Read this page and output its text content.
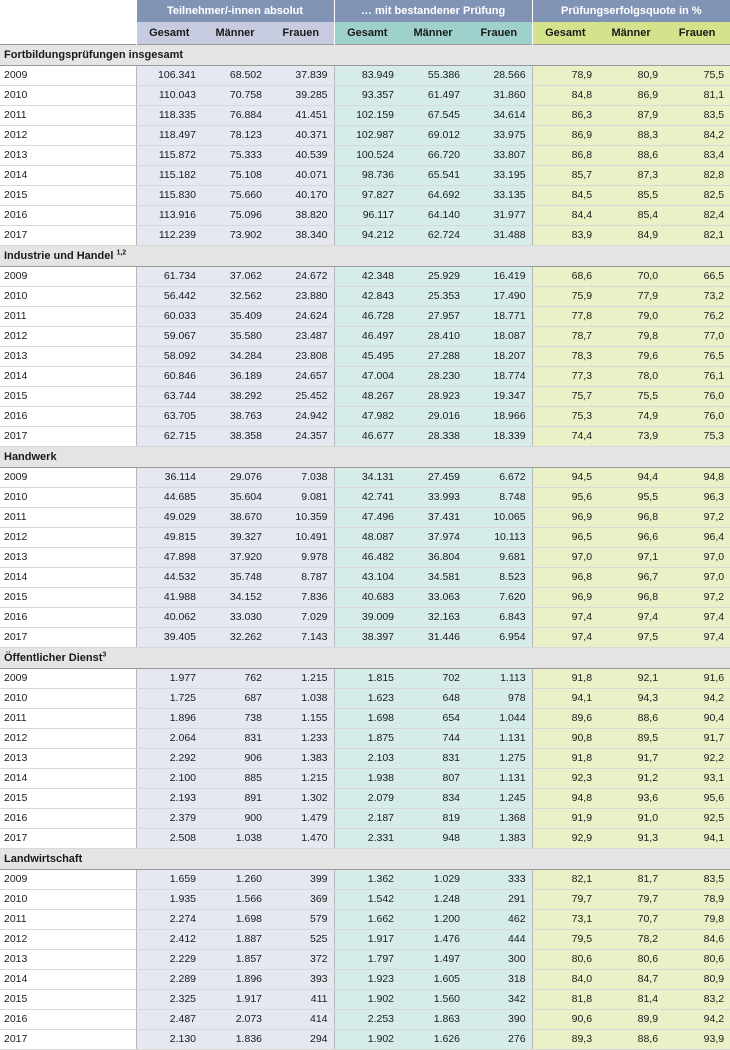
	Teilnehmer/-innen absolut			… mit bestandener Prüfung			Prüfungserfolgsquote in %		
	Gesamt	Männer	Frauen	Gesamt	Männer	Frauen	Gesamt	Männer	Frauen
Fortbildungsprüfungen insgesamt									
2009	106.341	68.502	37.839	83.949	55.386	28.566	78,9	80,9	75,5
2010	110.043	70.758	39.285	93.357	61.497	31.860	84,8	86,9	81,1
2011	118.335	76.884	41.451	102.159	67.545	34.614	86,3	87,9	83,5
2012	118.497	78.123	40.371	102.987	69.012	33.975	86,9	88,3	84,2
2013	115.872	75.333	40.539	100.524	66.720	33.807	86,8	88,6	83,4
2014	115.182	75.108	40.071	98.736	65.541	33.195	85,7	87,3	82,8
2015	115.830	75.660	40.170	97.827	64.692	33.135	84,5	85,5	82,5
2016	113.916	75.096	38.820	96.117	64.140	31.977	84,4	85,4	82,4
2017	112.239	73.902	38.340	94.212	62.724	31.488	83,9	84,9	82,1
Industrie und Handel $^{1,2}$
2009	61.734	37.062	24.672	42.348	25.929	16.419	68,6	70,0	66,5
2010	56.442	32.562	23.880	42.843	25.353	17.490	75,9	77,9	73,2
2011	60.033	35.409	24.624	46.728	27.957	18.771	77,8	79,0	76,2
2012	59.067	35.580	23.487	46.497	28.410	18.087	78,7	79,8	77,0
2013	58.092	34.284	23.808	45.495	27.288	18.207	78,3	79,6	76,5
2014	60.846	36.189	24.657	47.004	28.230	18.774	77,3	78,0	76,1
2015	63.744	38.292	25.452	48.267	28.923	19.347	75,7	75,5	76,0
2016	63.705	38.763	24.942	47.982	29.016	18.966	75,3	74,9	76,0
2017	62.715	38.358	24.357	46.677	28.338	18.339	74,4	73,9	75,3
Handwerk									
2009	36.114	29.076	7.038	34.131	27.459	6.672	94,5	94,4	94,8
2010	44.685	35.604	9.081	42.741	33.993	8.748	95,6	95,5	96,3
2011	49.029	38.670	10.359	47.496	37.431	10.065	96,9	96,8	97,2
2012	49.815	39.327	10.491	48.087	37.974	10.113	96,5	96,6	96,4
2013	47.898	37.920	9.978	46.482	36.804	9.681	97,0	97,1	97,0
2014	44.532	35.748	8.787	43.104	34.581	8.523	96,8	96,7	97,0
2015	41.988	34.152	7.836	40.683	33.063	7.620	96,9	96,8	97,2
2016	40.062	33.030	7.029	39.009	32.163	6.843	97,4	97,4	97,4
2017	39.405	32.262	7.143	38.397	31.446	6.954	97,4	97,5	97,4
Öffentlicher Dienst$^3$
2009	1.977	762	1.215	1.815	702	1.113	91,8	92,1	91,6
2010	1.725	687	1.038	1.623	648	978	94,1	94,3	94,2
2011	1.896	738	1.155	1.698	654	1.044	89,6	88,6	90,4
2012	2.064	831	1.233	1.875	744	1.131	90,8	89,5	91,7
2013	2.292	906	1.383	2.103	831	1.275	91,8	91,7	92,2
2014	2.100	885	1.215	1.938	807	1.131	92,3	91,2	93,1
2015	2.193	891	1.302	2.079	834	1.245	94,8	93,6	95,6
2016	2.379	900	1.479	2.187	819	1.368	91,9	91,0	92,5
2017	2.508	1.038	1.470	2.331	948	1.383	92,9	91,3	94,1
Landwirtschaft									
2009	1.659	1.260	399	1.362	1.029	333	82,1	81,7	83,5
2010	1.935	1.566	369	1.542	1.248	291	79,7	79,7	78,9
2011	2.274	1.698	579	1.662	1.200	462	73,1	70,7	79,8
2012	2.412	1.887	525	1.917	1.476	444	79,5	78,2	84,6
2013	2.229	1.857	372	1.797	1.497	300	80,6	80,6	80,6
2014	2.289	1.896	393	1.923	1.605	318	84,0	84,7	80,9
2015	2.325	1.917	411	1.902	1.560	342	81,8	81,4	83,2
2016	2.487	2.073	414	2.253	1.863	390	90,6	89,9	94,2
2017	2.130	1.836	294	1.902	1.626	276	89,3	88,6	93,9
